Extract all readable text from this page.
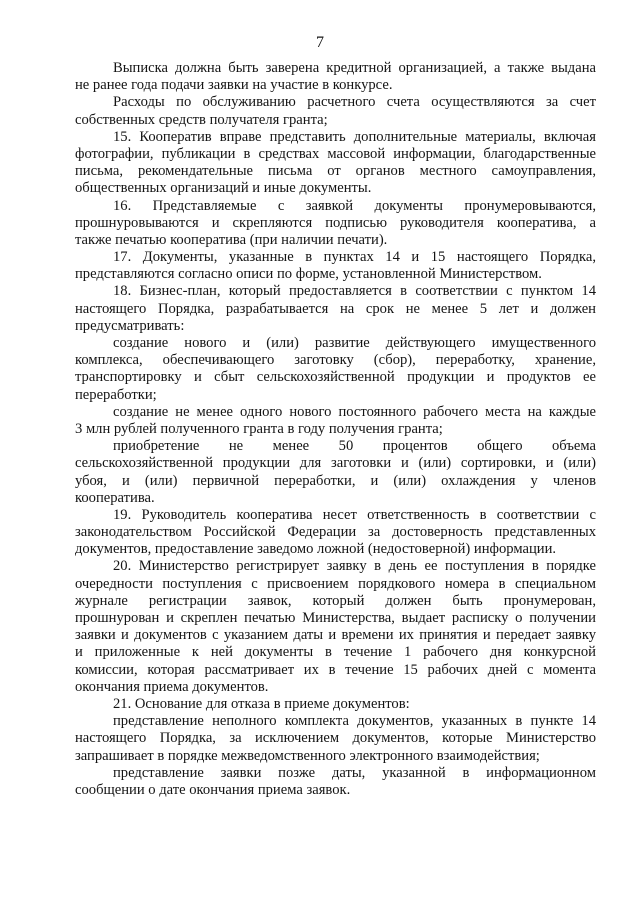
7
Выписка должна быть заверена кредитной организацией, а также выдана
не ранее года подачи заявки на участие в конкурсе.
Расходы по обслуживанию расчетного счета осуществляются за счет
собственных средств получателя гранта;
15. Кооператив вправе представить дополнительные материалы, включая
фотографии, публикации в средствах массовой информации, благодарственные
письма, рекомендательные письма от органов местного самоуправления,
общественных организаций и иные документы.
16. Представляемые с заявкой документы пронумеровываются,
прошнуровываются и скрепляются подписью руководителя кооператива, а
также печатью кооператива (при наличии печати).
17. Документы, указанные в пунктах 14 и 15 настоящего Порядка,
представляются согласно описи по форме, установленной Министерством.
18. Бизнес-план, который предоставляется в соответствии с пунктом 14
настоящего Порядка, разрабатывается на срок не менее 5 лет и должен
предусматривать:
создание нового и (или) развитие действующего имущественного
комплекса, обеспечивающего заготовку (сбор), переработку, хранение,
транспортировку и сбыт сельскохозяйственной продукции и продуктов ее
переработки;
создание не менее одного нового постоянного рабочего места на каждые
3 млн рублей полученного гранта в году получения гранта;
приобретение не менее 50 процентов общего объема
сельскохозяйственной продукции для заготовки и (или) сортировки, и (или)
убоя, и (или) первичной переработки, и (или) охлаждения у членов
кооператива.
19. Руководитель кооператива несет ответственность в соответствии с
законодательством Российской Федерации за достоверность представленных
документов, предоставление заведомо ложной (недостоверной) информации.
20. Министерство регистрирует заявку в день ее поступления в порядке
очередности поступления с присвоением порядкового номера в специальном
журнале регистрации заявок, который должен быть пронумерован,
прошнурован и скреплен печатью Министерства, выдает расписку о получении
заявки и документов с указанием даты и времени их принятия и передает заявку
и приложенные к ней документы в течение 1 рабочего дня конкурсной
комиссии, которая рассматривает их в течение 15 рабочих дней с момента
окончания приема документов.
21. Основание для отказа в приеме документов:
представление неполного комплекта документов, указанных в пункте 14
настоящего Порядка, за исключением документов, которые Министерство
запрашивает в порядке межведомственного электронного взаимодействия;
представление заявки позже даты, указанной в информационном
сообщении о дате окончания приема заявок.
